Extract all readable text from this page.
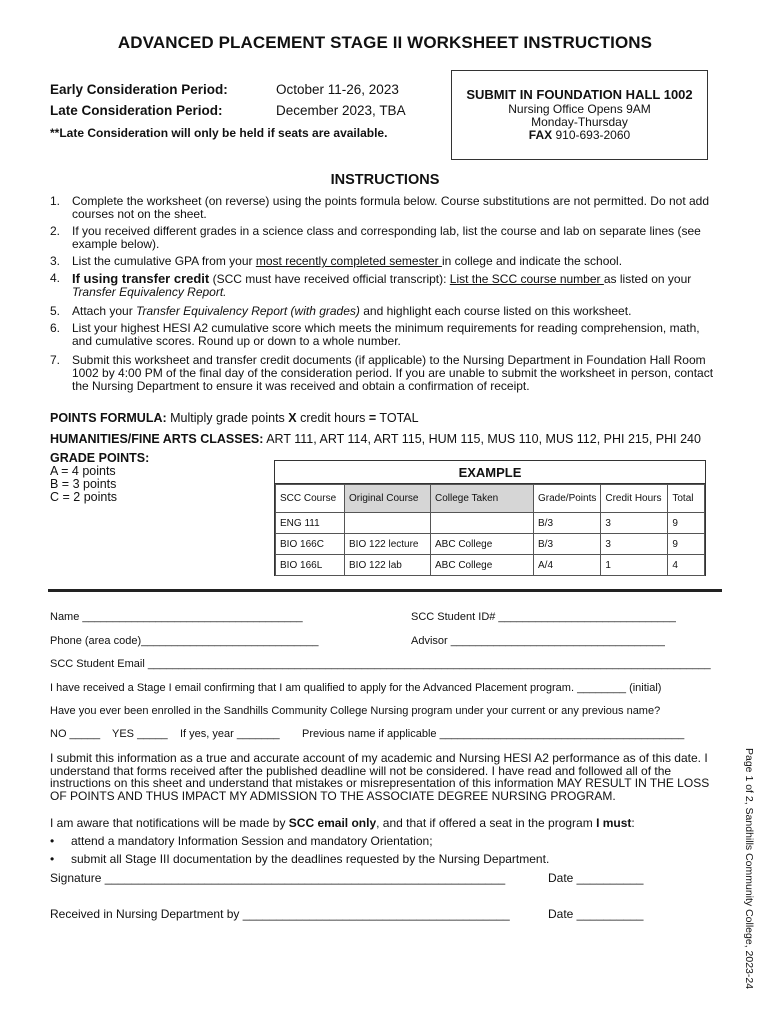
ADVANCED PLACEMENT STAGE II WORKSHEET INSTRUCTIONS
Early Consideration Period:	October 11-26, 2023
Late Consideration Period:	December 2023, TBA
**Late Consideration will only be held if seats are available.
SUBMIT IN FOUNDATION HALL 1002
Nursing Office Opens 9AM
Monday-Thursday
FAX 910-693-2060
INSTRUCTIONS
1. Complete the worksheet (on reverse) using the points formula below. Course substitutions are not permitted. Do not add courses not on the sheet.
2. If you received different grades in a science class and corresponding lab, list the course and lab on separate lines (see example below).
3. List the cumulative GPA from your most recently completed semester in college and indicate the school.
4. If using transfer credit (SCC must have received official transcript): List the SCC course number as listed on your
Transfer Equivalency Report.
5. Attach your Transfer Equivalency Report (with grades) and highlight each course listed on this worksheet.
6. List your highest HESI A2 cumulative score which meets the minimum requirements for reading comprehension, math, and cumulative scores. Round up or down to a whole number.
7. Submit this worksheet and transfer credit documents (if applicable) to the Nursing Department in Foundation Hall Room 1002 by 4:00 PM of the final day of the consideration period. If you are unable to submit the worksheet in person, contact the Nursing Department to ensure it was received and obtain a confirmation of receipt.
POINTS FORMULA: Multiply grade points X credit hours = TOTAL
HUMANITIES/FINE ARTS CLASSES: ART 111, ART 114, ART 115, HUM 115, MUS 110, MUS 112, PHI 215, PHI 240
GRADE POINTS:
A = 4 points
B = 3 points
C = 2 points
EXAMPLE
SCC Course	Original Course	College Taken	Grade/Points	Credit Hours	Total
ENG 111			B/3	3	9
BIO 166C	BIO 122 lecture	ABC College	B/3	3	9
BIO 166L	BIO 122 lab	ABC College	A/4	1	4
Name ____________________________________	SCC Student ID# _____________________________
Phone (area code)_____________________________	Advisor ___________________________________
SCC Student Email ____________________________________________________________________________________________
I have received a Stage I email confirming that I am qualified to apply for the Advanced Placement program. ________ (initial)
Have you ever been enrolled in the Sandhills Community College Nursing program under your current or any previous name?
NO _____ YES _____ If yes, year _______ Previous name if applicable ________________________________________
I submit this information as a true and accurate account of my academic and Nursing HESI A2 performance as of this date. I understand that forms received after the published deadline will not be considered. I have read and followed all of the instructions on this sheet and understand that mistakes or misrepresentation of this information MAY RESULT IN THE LOSS OF POINTS AND THUS IMPACT MY ADMISSION TO THE ASSOCIATE DEGREE NURSING PROGRAM.
I am aware that notifications will be made by SCC email only, and that if offered a seat in the program I must:
• attend a mandatory Information Session and mandatory Orientation;
• submit all Stage III documentation by the deadlines requested by the Nursing Department.
Signature ____________________________________________________________	Date __________
Received in Nursing Department by ________________________________________	Date __________	Page 1 of 2, Sandhills Community College, 2023-24
